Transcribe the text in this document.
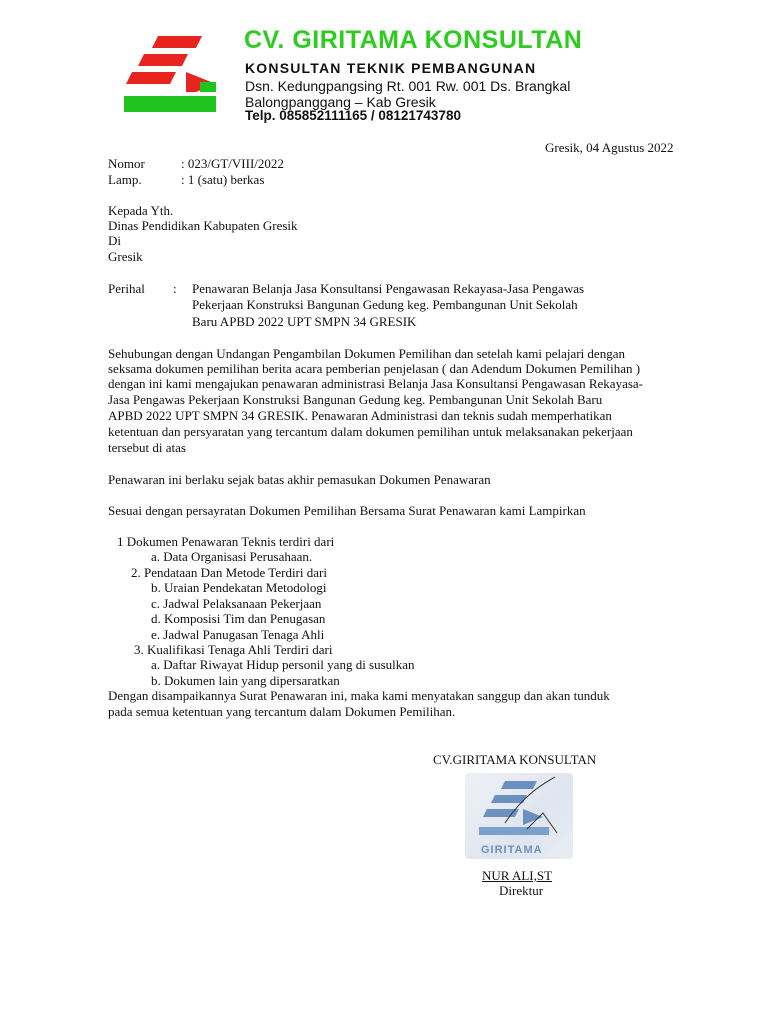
CV. GIRITAMA KONSULTAN
KONSULTAN TEKNIK PEMBANGUNAN
Dsn. Kedungpangsing Rt. 001 Rw. 001 Ds. Brangkal
Balongpanggang – Kab Gresik
Telp. 085852111165 / 08121743780
Gresik, 04 Agustus 2022
Nomor	: 023/GT/VIII/2022
Lamp.	: 1 (satu) berkas
Kepada Yth.
Dinas Pendidikan Kabupaten Gresik
Di
Gresik
Perihal : Penawaran Belanja Jasa Konsultansi Pengawasan Rekayasa-Jasa Pengawas
Pekerjaan Konstruksi Bangunan Gedung keg. Pembangunan Unit Sekolah
Baru APBD 2022 UPT SMPN 34 GRESIK
Sehubungan dengan Undangan Pengambilan Dokumen Pemilihan dan setelah kami pelajari dengan
seksama dokumen pemilihan berita acara pemberian penjelasan ( dan Adendum Dokumen Pemilihan )
dengan ini kami mengajukan penawaran administrasi Belanja Jasa Konsultansi Pengawasan Rekayasa-
Jasa Pengawas Pekerjaan Konstruksi Bangunan Gedung keg. Pembangunan Unit Sekolah Baru
APBD 2022 UPT SMPN 34 GRESIK. Penawaran Administrasi dan teknis sudah memperhatikan
ketentuan dan persyaratan yang tercantum dalam dokumen pemilihan untuk melaksanakan pekerjaan
tersebut di atas
Penawaran ini berlaku sejak batas akhir pemasukan Dokumen Penawaran
Sesuai dengan persayratan Dokumen Pemilihan Bersama Surat Penawaran kami Lampirkan
1 Dokumen Penawaran Teknis terdiri dari
a. Data Organisasi Perusahaan.
2. Pendataan Dan Metode Terdiri dari
b. Uraian Pendekatan Metodologi
c. Jadwal Pelaksanaan Pekerjaan
d. Komposisi Tim dan Penugasan
e. Jadwal Panugasan Tenaga Ahli
3. Kualifikasi Tenaga Ahli Terdiri dari
a. Daftar Riwayat Hidup personil yang di susulkan
b. Dokumen lain yang dipersaratkan
Dengan disampaikannya Surat Penawaran ini, maka kami menyatakan sanggup dan akan tunduk
pada semua ketentuan yang tercantum dalam Dokumen Pemilihan.
CV.GIRITAMA KONSULTAN
GIRITAMA
NUR ALI,ST
Direktur
